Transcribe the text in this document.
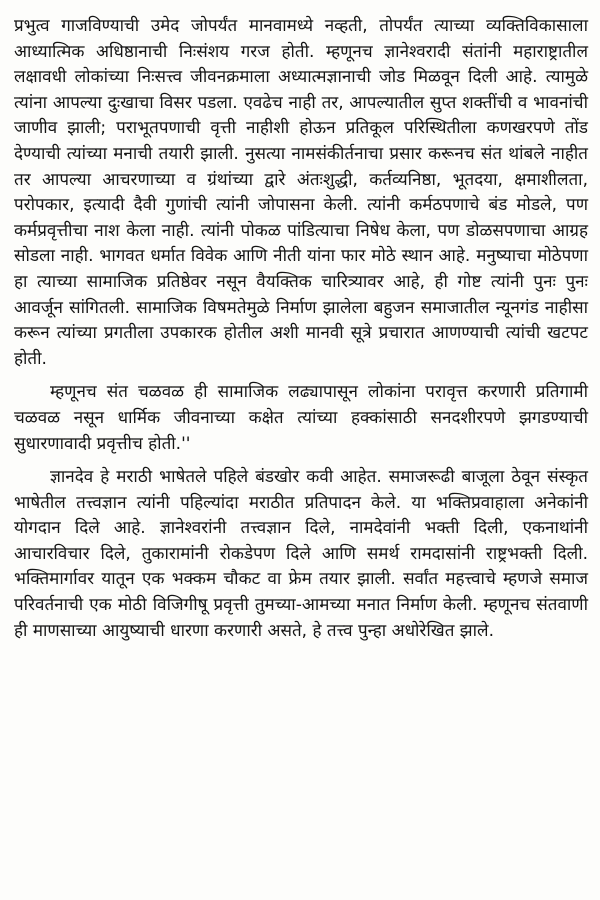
प्रभुत्व गाजविण्याची उमेद जोपर्यंत मानवामध्ये नव्हती, तोपर्यंत त्याच्या व्यक्तिविकासाला आध्यात्मिक अधिष्ठानाची निःसंशय गरज होती. म्हणूनच ज्ञानेश्वरादी संतांनी महाराष्ट्रातील लक्षावधी लोकांच्या निःसत्त्व जीवनक्रमाला अध्यात्मज्ञानाची जोड मिळवून दिली आहे. त्यामुळे त्यांना आपल्या दुःखाचा विसर पडला. एवढेच नाही तर, आपल्यातील सुप्त शक्तींची व भावनांची जाणीव झाली; पराभूतपणाची वृत्ती नाहीशी होऊन प्रतिकूल परिस्थितीला कणखरपणे तोंड देण्याची त्यांच्या मनाची तयारी झाली. नुसत्या नामसंकीर्तनाचा प्रसार करूनच संत थांबले नाहीत तर आपल्या आचरणाच्या व ग्रंथांच्या द्वारे अंतःशुद्धी, कर्तव्यनिष्ठा, भूतदया, क्षमाशीलता, परोपकार, इत्यादी दैवी गुणांची त्यांनी जोपासना केली. त्यांनी कर्मठपणाचे बंड मोडले, पण कर्मप्रवृत्तीचा नाश केला नाही. त्यांनी पोकळ पांडित्याचा निषेध केला, पण डोळसपणाचा आग्रह सोडला नाही. भागवत धर्मात विवेक आणि नीती यांना फार मोठे स्थान आहे. मनुष्याचा मोठेपणा हा त्याच्या सामाजिक प्रतिष्ठेवर नसून वैयक्तिक चारित्र्यावर आहे, ही गोष्ट त्यांनी पुनः पुनः आवर्जून सांगितली. सामाजिक विषमतेमुळे निर्माण झालेला बहुजन समाजातील न्यूनगंड नाहीसा करून त्यांच्या प्रगतीला उपकारक होतील अशी मानवी सूत्रे प्रचारात आणण्याची त्यांची खटपट होती.

म्हणूनच संत चळवळ ही सामाजिक लढ्यापासून लोकांना परावृत्त करणारी प्रतिगामी चळवळ नसून धार्मिक जीवनाच्या कक्षेत त्यांच्या हक्कांसाठी सनदशीरपणे झगडण्याची सुधारणावादी प्रवृत्तीच होती.''

ज्ञानदेव हे मराठी भाषेतले पहिले बंडखोर कवी आहेत. समाजरूढी बाजूला ठेवून संस्कृत भाषेतील तत्त्वज्ञान त्यांनी पहिल्यांदा मराठीत प्रतिपादन केले. या भक्तिप्रवाहाला अनेकांनी योगदान दिले आहे. ज्ञानेश्वरांनी तत्त्वज्ञान दिले, नामदेवांनी भक्ती दिली, एकनाथांनी आचारविचार दिले, तुकारामांनी रोकडेपण दिले आणि समर्थ रामदासांनी राष्ट्रभक्ती दिली. भक्तिमार्गावर यातून एक भक्कम चौकट वा फ्रेम तयार झाली. सर्वांत महत्त्वाचे म्हणजे समाज परिवर्तनाची एक मोठी विजिगीषू प्रवृत्ती तुमच्या-आमच्या मनात निर्माण केली. म्हणूनच संतवाणी ही माणसाच्या आयुष्याची धारणा करणारी असते, हे तत्त्व पुन्हा अधोरेखित झाले.
